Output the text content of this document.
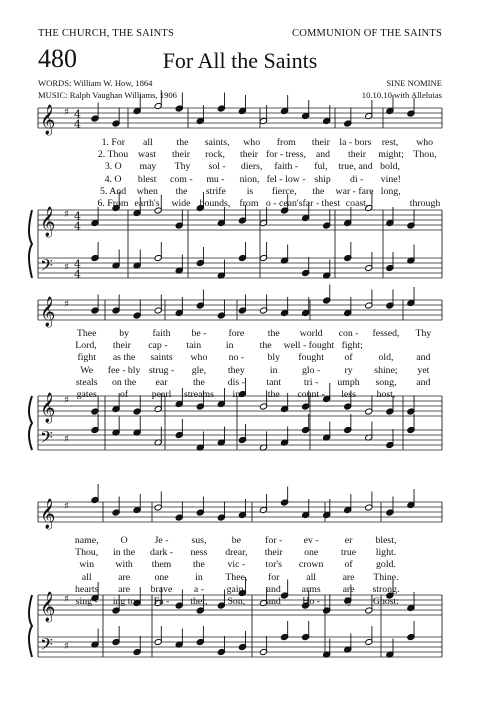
THE CHURCH, THE SAINTS	COMMUNION OF THE SAINTS
480	For All the Saints
WORDS: William W. How, 1864
MUSIC: Ralph Vaughan Williams, 1906
SINE NOMINE
10.10.10 with Alleluias
𝄞
𝄞
𝄢
♯
♯
♯
4
4
4
4
4
4
𝄞
𝄞
𝄢
♯
♯
♯
𝄞
𝄞
𝄢
♯
♯
♯
1. For	all	the	saints,	who	from	their la - bors	rest,	who
2. Thou	wast	their	rock,	their for - tress,	and	their	might; Thou,
3. O	may	Thy	sol -	diers,	faith -	ful,	true, and bold,
4. O	blest	com -	mu -	nion, fel - low - ship	di -	vine!
5. And	when	the	strife	is	fierce,	the	war - fare long,
6. From earth's	wide bounds, from o - cean's far - thest coast,	through
Thee	by	faith	be -	fore	the	world	con -	fessed,	Thy
Lord,	their	cap -	tain	in	the	well - fought fight;
fight	as the	saints	who	no -	bly	fought	of	old,	and
We	fee - bly strug -	gle,	they	in	glo -	ry	shine;	yet
steals	on the	ear	the	dis -	tant	tri -	umph	song,	and
gates	of	pearl	streams	in	the	count -	less	host,
name,	O	Je -	sus,	be	for -	ev -	er	blest,
Thou,	in the	dark -	ness	drear,	their	one	true	light.
win	with	them	the	vic -	tor's	crown	of	gold.
all	are	one	in	Thee,	for	all	are	Thine.
hearts	are	brave	a -	gain,	and	arms	are	strong.
sing -	ing to	Fa -	ther,	Son,	and	Ho -	ly	Ghost:
